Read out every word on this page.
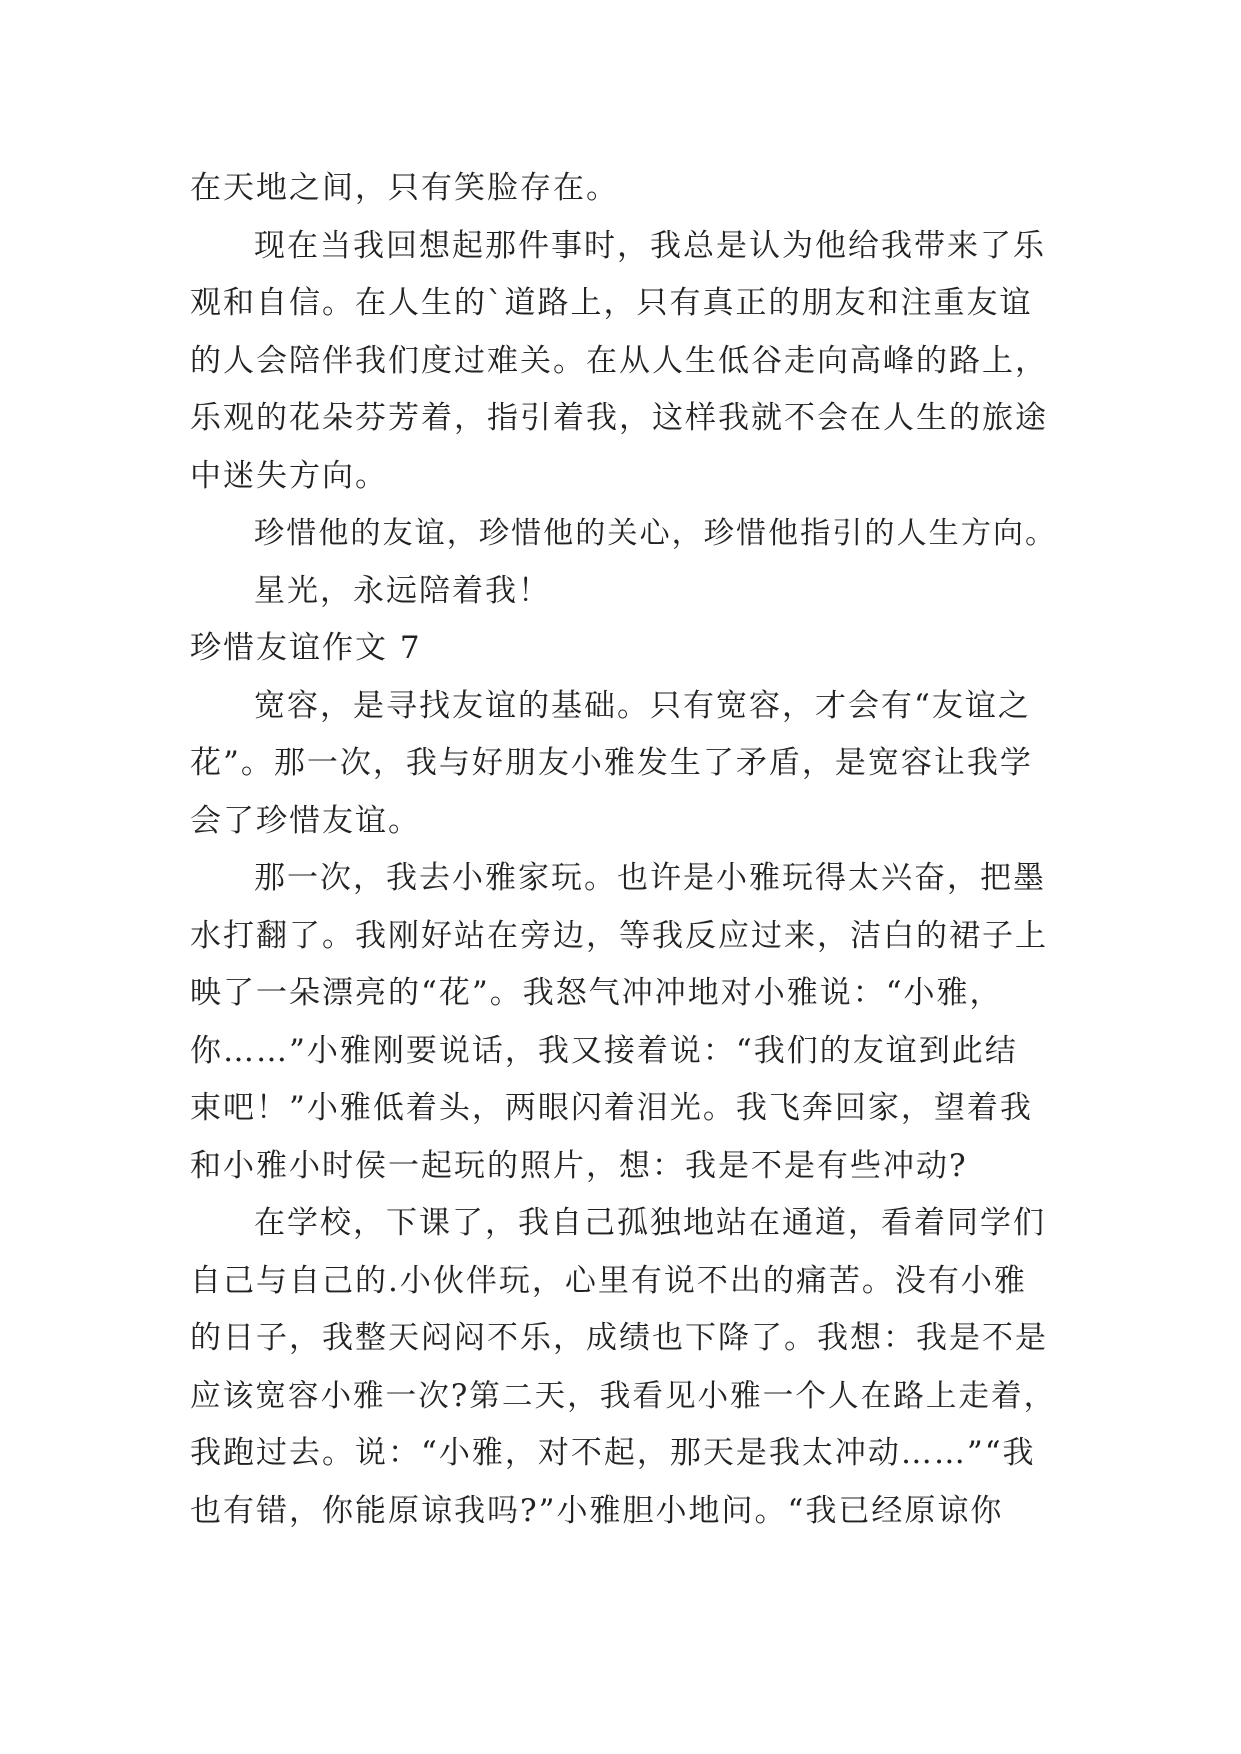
在天地之间，只有笑脸存在。
现在当我回想起那件事时，我总是认为他给我带来了乐
观和自信。在人生的`道路上，只有真正的朋友和注重友谊
的人会陪伴我们度过难关。在从人生低谷走向高峰的路上，
乐观的花朵芬芳着，指引着我，这样我就不会在人生的旅途
中迷失方向。
珍惜他的友谊，珍惜他的关心，珍惜他指引的人生方向。
星光，永远陪着我！
珍惜友谊作文 7
宽容，是寻找友谊的基础。只有宽容，才会有“友谊之
花”。那一次，我与好朋友小雅发生了矛盾，是宽容让我学
会了珍惜友谊。
那一次，我去小雅家玩。也许是小雅玩得太兴奋，把墨
水打翻了。我刚好站在旁边，等我反应过来，洁白的裙子上
映了一朵漂亮的“花”。我怒气冲冲地对小雅说：“小雅，
你……”小雅刚要说话，我又接着说：“我们的友谊到此结
束吧！”小雅低着头，两眼闪着泪光。我飞奔回家，望着我
和小雅小时侯一起玩的照片，想：我是不是有些冲动?
在学校，下课了，我自己孤独地站在通道，看着同学们
自己与自己的.小伙伴玩，心里有说不出的痛苦。没有小雅
的日子，我整天闷闷不乐，成绩也下降了。我想：我是不是
应该宽容小雅一次?第二天，我看见小雅一个人在路上走着，
我跑过去。说：“小雅，对不起，那天是我太冲动……”“我
也有错，你能原谅我吗?”小雅胆小地问。“我已经原谅你
